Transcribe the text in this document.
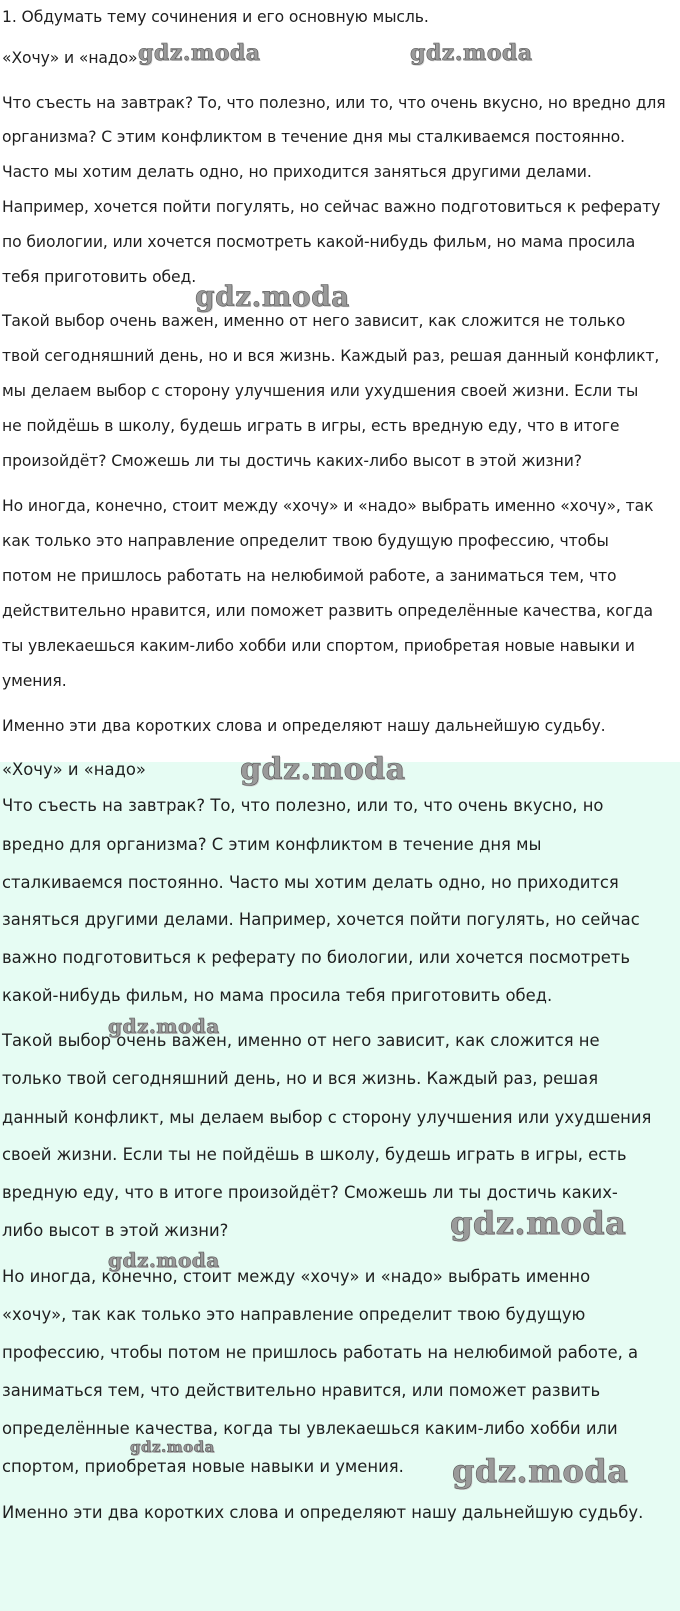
1. Обдумать тему сочинения и его основную мысль.
«Хочу» и «надо»
Что съесть на завтрак? То, что полезно, или то, что очень вкусно, но вредно для
организма? С этим конфликтом в течение дня мы сталкиваемся постоянно.
Часто мы хотим делать одно, но приходится заняться другими делами.
Например, хочется пойти погулять, но сейчас важно подготовиться к реферату
по биологии, или хочется посмотреть какой-нибудь фильм, но мама просила
тебя приготовить обед.
Такой выбор очень важен, именно от него зависит, как сложится не только
твой сегодняшний день, но и вся жизнь. Каждый раз, решая данный конфликт,
мы делаем выбор с сторону улучшения или ухудшения своей жизни. Если ты
не пойдёшь в школу, будешь играть в игры, есть вредную еду, что в итоге
произойдёт? Сможешь ли ты достичь каких-либо высот в этой жизни?
Но иногда, конечно, стоит между «хочу» и «надо» выбрать именно «хочу», так
как только это направление определит твою будущую профессию, чтобы
потом не пришлось работать на нелюбимой работе, а заниматься тем, что
действительно нравится, или поможет развить определённые качества, когда
ты увлекаешься каким-либо хобби или спортом, приобретая новые навыки и
умения.
Именно эти два коротких слова и определяют нашу дальнейшую судьбу.
gdz.moda	gdz.moda
gdz.moda
«Хочу» и «надо»
Что съесть на завтрак? То, что полезно, или то, что очень вкусно, но
вредно для организма? С этим конфликтом в течение дня мы
сталкиваемся постоянно. Часто мы хотим делать одно, но приходится
заняться другими делами. Например, хочется пойти погулять, но сейчас
важно подготовиться к реферату по биологии, или хочется посмотреть
какой-нибудь фильм, но мама просила тебя приготовить обед.
Такой выбор очень важен, именно от него зависит, как сложится не
только твой сегодняшний день, но и вся жизнь. Каждый раз, решая
данный конфликт, мы делаем выбор с сторону улучшения или ухудшения
своей жизни. Если ты не пойдёшь в школу, будешь играть в игры, есть
вредную еду, что в итоге произойдёт? Сможешь ли ты достичь каких-
либо высот в этой жизни?
Но иногда, конечно, стоит между «хочу» и «надо» выбрать именно
«хочу», так как только это направление определит твою будущую
профессию, чтобы потом не пришлось работать на нелюбимой работе, а
заниматься тем, что действительно нравится, или поможет развить
определённые качества, когда ты увлекаешься каким-либо хобби или
спортом, приобретая новые навыки и умения.
Именно эти два коротких слова и определяют нашу дальнейшую судьбу.
gdz.moda
gdz.moda
gdz.moda
gdz.moda
gdz.moda
gdz.moda
